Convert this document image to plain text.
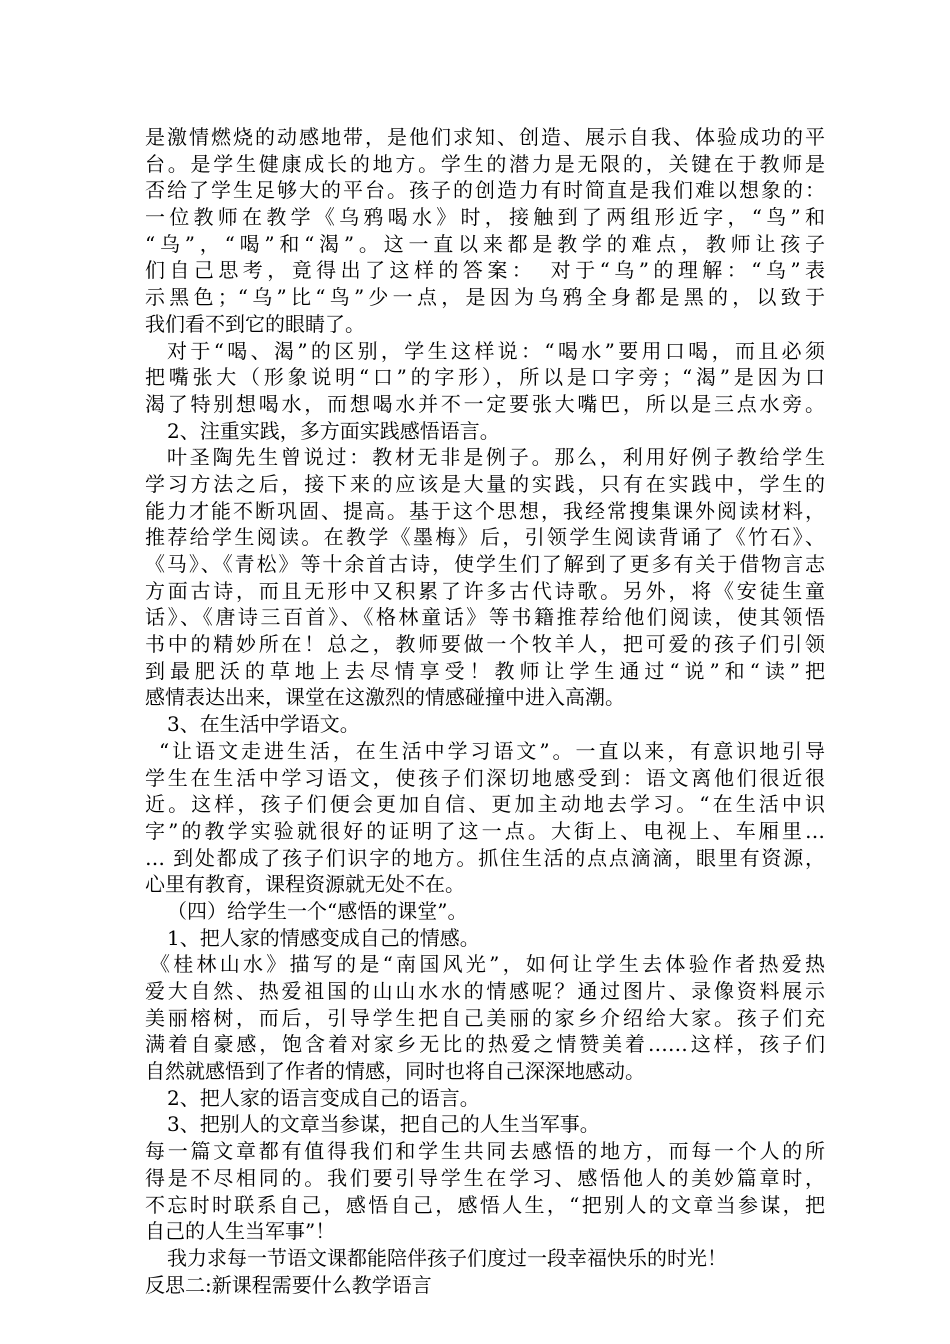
是激情燃烧的动感地带，是他们求知、创造、展示自我、体验成功的平
台。是学生健康成长的地方。学生的潜力是无限的，关键在于教师是
否给了学生足够大的平台。孩子的创造力有时简直是我们难以想象的：
一位教师在教学《乌鸦喝水》时，接触到了两组形近字，“鸟”和
“乌”，“喝”和“渴”。这一直以来都是教学的难点，教师让孩子
们自己思考，竟得出了这样的答案：　对于“乌”的理解：“乌”表
示黑色；“乌”比“鸟”少一点，是因为乌鸦全身都是黑的，以致于
我们看不到它的眼睛了。
对于“喝、渴”的区别，学生这样说：“喝水”要用口喝，而且必须
把嘴张大（形象说明“口”的字形），所以是口字旁；“渴”是因为口
渴了特别想喝水，而想喝水并不一定要张大嘴巴，所以是三点水旁。
2、注重实践，多方面实践感悟语言。
叶圣陶先生曾说过：教材无非是例子。那么，利用好例子教给学生
学习方法之后，接下来的应该是大量的实践，只有在实践中，学生的
能力才能不断巩固、提高。基于这个思想，我经常搜集课外阅读材料，
推荐给学生阅读。在教学《墨梅》后，引领学生阅读背诵了《竹石》、
《马》、《青松》等十余首古诗，使学生们了解到了更多有关于借物言志
方面古诗，而且无形中又积累了许多古代诗歌。另外，将《安徒生童
话》、《唐诗三百首》、《格林童话》等书籍推荐给他们阅读，使其领悟
书中的精妙所在！总之，教师要做一个牧羊人，把可爱的孩子们引领
到最肥沃的草地上去尽情享受！教师让学生通过“说”和“读”把
感情表达出来，课堂在这激烈的情感碰撞中进入高潮。
3、在生活中学语文。
“让语文走进生活，在生活中学习语文”。一直以来，有意识地引导
学生在生活中学习语文，使孩子们深切地感受到：语文离他们很近很
近。这样，孩子们便会更加自信、更加主动地去学习。“在生活中识
字”的教学实验就很好的证明了这一点。大街上、电视上、车厢里…
… 到处都成了孩子们识字的地方。抓住生活的点点滴滴，眼里有资源，
心里有教育，课程资源就无处不在。
（四）给学生一个“感悟的课堂”。
1、把人家的情感变成自己的情感。
《桂林山水》描写的是“南国风光”，如何让学生去体验作者热爱热
爱大自然、热爱祖国的山山水水的情感呢？通过图片、录像资料展示
美丽榕树，而后，引导学生把自己美丽的家乡介绍给大家。孩子们充
满着自豪感，饱含着对家乡无比的热爱之情赞美着……这样，孩子们
自然就感悟到了作者的情感，同时也将自己深深地感动。
2、把人家的语言变成自己的语言。
3、把别人的文章当参谋，把自己的人生当军事。
每一篇文章都有值得我们和学生共同去感悟的地方，而每一个人的所
得是不尽相同的。我们要引导学生在学习、感悟他人的美妙篇章时，
不忘时时联系自己，感悟自己，感悟人生，“把别人的文章当参谋，把
自己的人生当军事”！
我力求每一节语文课都能陪伴孩子们度过一段幸福快乐的时光！
反思二:新课程需要什么教学语言
